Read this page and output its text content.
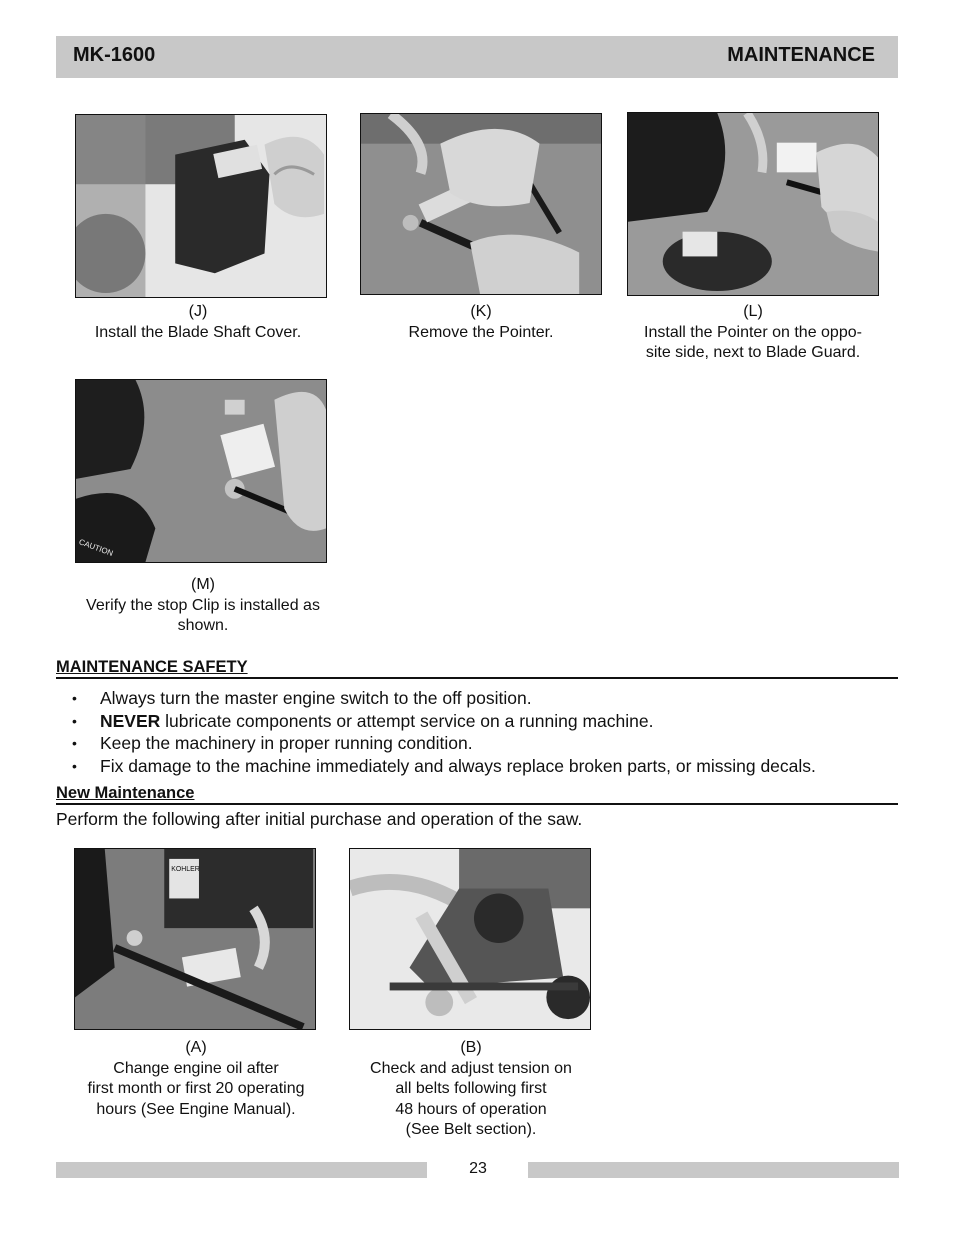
MK-1600	MAINTENANCE
(J)
Install the Blade Shaft Cover.
(K)
Remove the Pointer.
(L)
Install the Pointer on the oppo-
site side, next to Blade Guard.
CAUTION
(M)
Verify the stop Clip is installed as
shown.
MAINTENANCE SAFETY
• Always turn the master engine switch to the off position.
• NEVER lubricate components or attempt service on a running machine.
• Keep the machinery in proper running condition.
• Fix damage to the machine immediately and always replace broken parts, or missing decals.
New Maintenance
Perform the following after initial purchase and operation of the saw.
KOHLER
(A)
Change engine oil after
first month or first 20 operating
hours (See Engine Manual).
(B)
Check and adjust tension on
all belts following first
48 hours of operation
(See Belt section).
23
